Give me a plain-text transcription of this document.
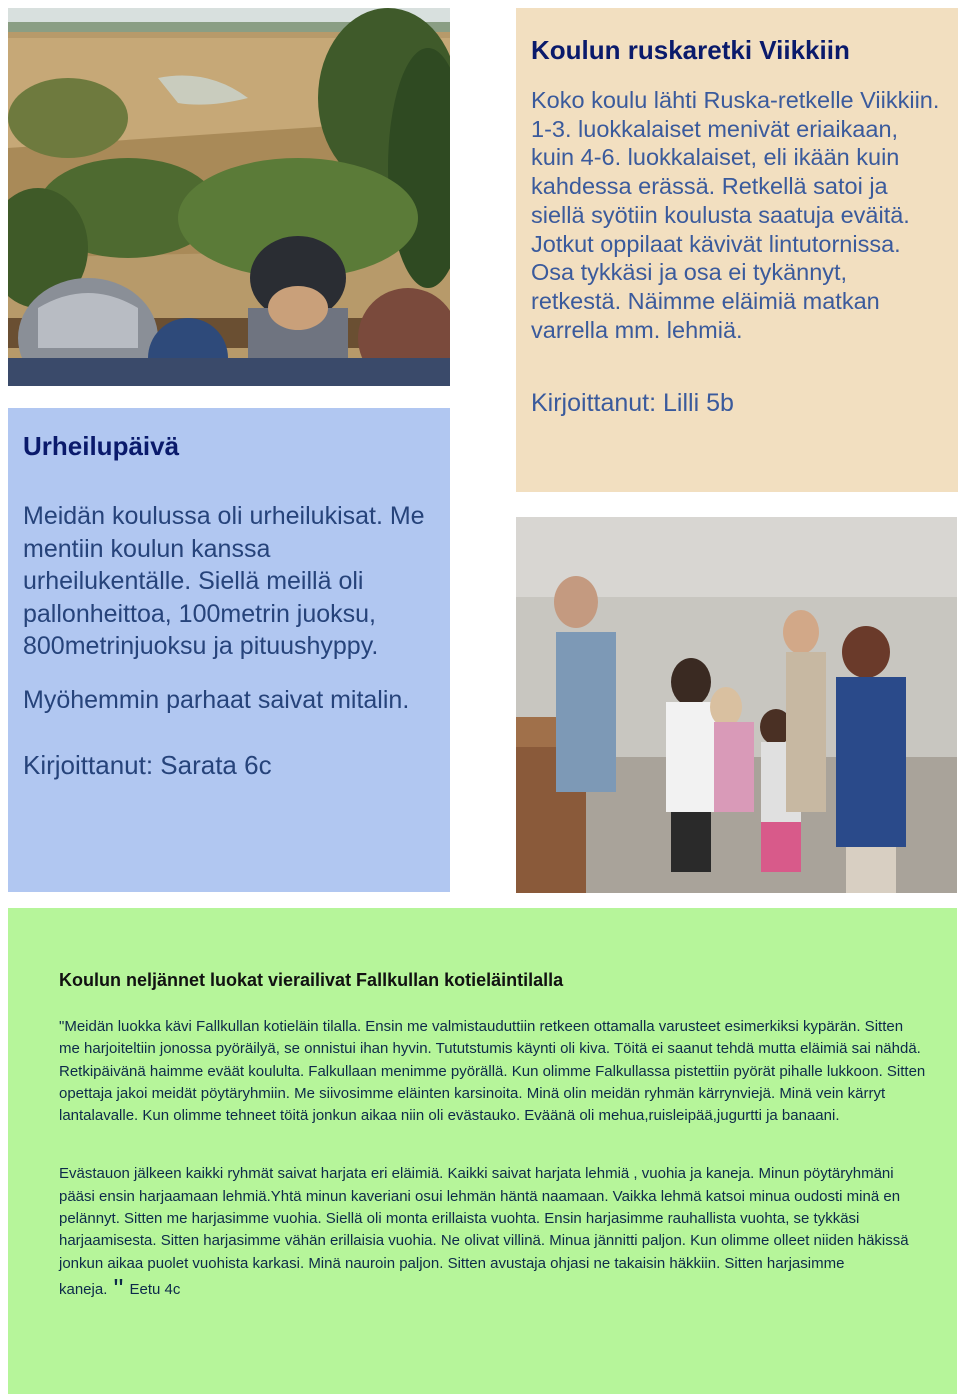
Koulun ruskaretki Viikkiin

Koko koulu lähti Ruska-retkelle Viikkiin. 1-3. luokkalaiset menivät eriaikaan, kuin 4-6. luokkalaiset, eli ikään kuin kahdessa erässä. Retkellä satoi ja siellä syötiin koulusta saatuja eväitä. Jotkut oppilaat kävivät lintutornissa. Osa tykkäsi ja osa ei tykännyt, retkestä. Näimme eläimiä matkan varrella mm. lehmiä.

Kirjoittanut: Lilli 5b

Urheilupäivä

Meidän koulussa oli urheilukisat. Me mentiin koulun kanssa urheilukentälle. Siellä meillä oli pallonheittoa, 100metrin juoksu, 800metrinjuoksu ja pituushyppy.

Myöhemmin parhaat saivat mitalin.

Kirjoittanut: Sarata 6c

Koulun neljännet luokat vierailivat Fallkullan kotieläintilalla

"Meidän luokka kävi Fallkullan kotieläin tilalla. Ensin me valmistauduttiin retkeen ottamalla varusteet esimerkiksi kypärän. Sitten me harjoiteltiin jonossa pyöräilyä, se onnistui ihan hyvin. Tututstumis käynti oli kiva. Töitä ei saanut tehdä mutta eläimiä sai nähdä. Retkipäivänä haimme eväät koululta. Falkullaan menimme pyörällä. Kun olimme Falkullassa pistettiin pyörät pihalle lukkoon. Sitten opettaja jakoi meidät pöytäryhmiin. Me siivosimme eläinten karsinoita. Minä olin meidän ryhmän kärrynviejä. Minä vein kärryt lantalavalle. Kun olimme tehneet töitä jonkun aikaa niin oli evästauko. Eväänä oli mehua,ruisleipää,jugurtti ja banaani.

Evästauon jälkeen kaikki ryhmät saivat harjata eri eläimiä. Kaikki saivat harjata lehmiä , vuohia ja kaneja. Minun pöytäryhmäni pääsi ensin harjaamaan lehmiä.Yhtä minun kaveriani osui lehmän häntä naamaan. Vaikka lehmä katsoi minua oudosti minä en pelännyt. Sitten me harjasimme vuohia. Siellä oli monta erillaista vuohta. Ensin harjasimme rauhallista vuohta, se tykkäsi harjaamisesta. Sitten harjasimme vähän erillaisia vuohia. Ne olivat villinä. Minua jännitti paljon. Kun olimme olleet niiden häkissä jonkun aikaa puolet vuohista karkasi. Minä nauroin paljon. Sitten avustaja ohjasi ne takaisin häkkiin. Sitten harjasimme

kaneja. " Eetu 4c
